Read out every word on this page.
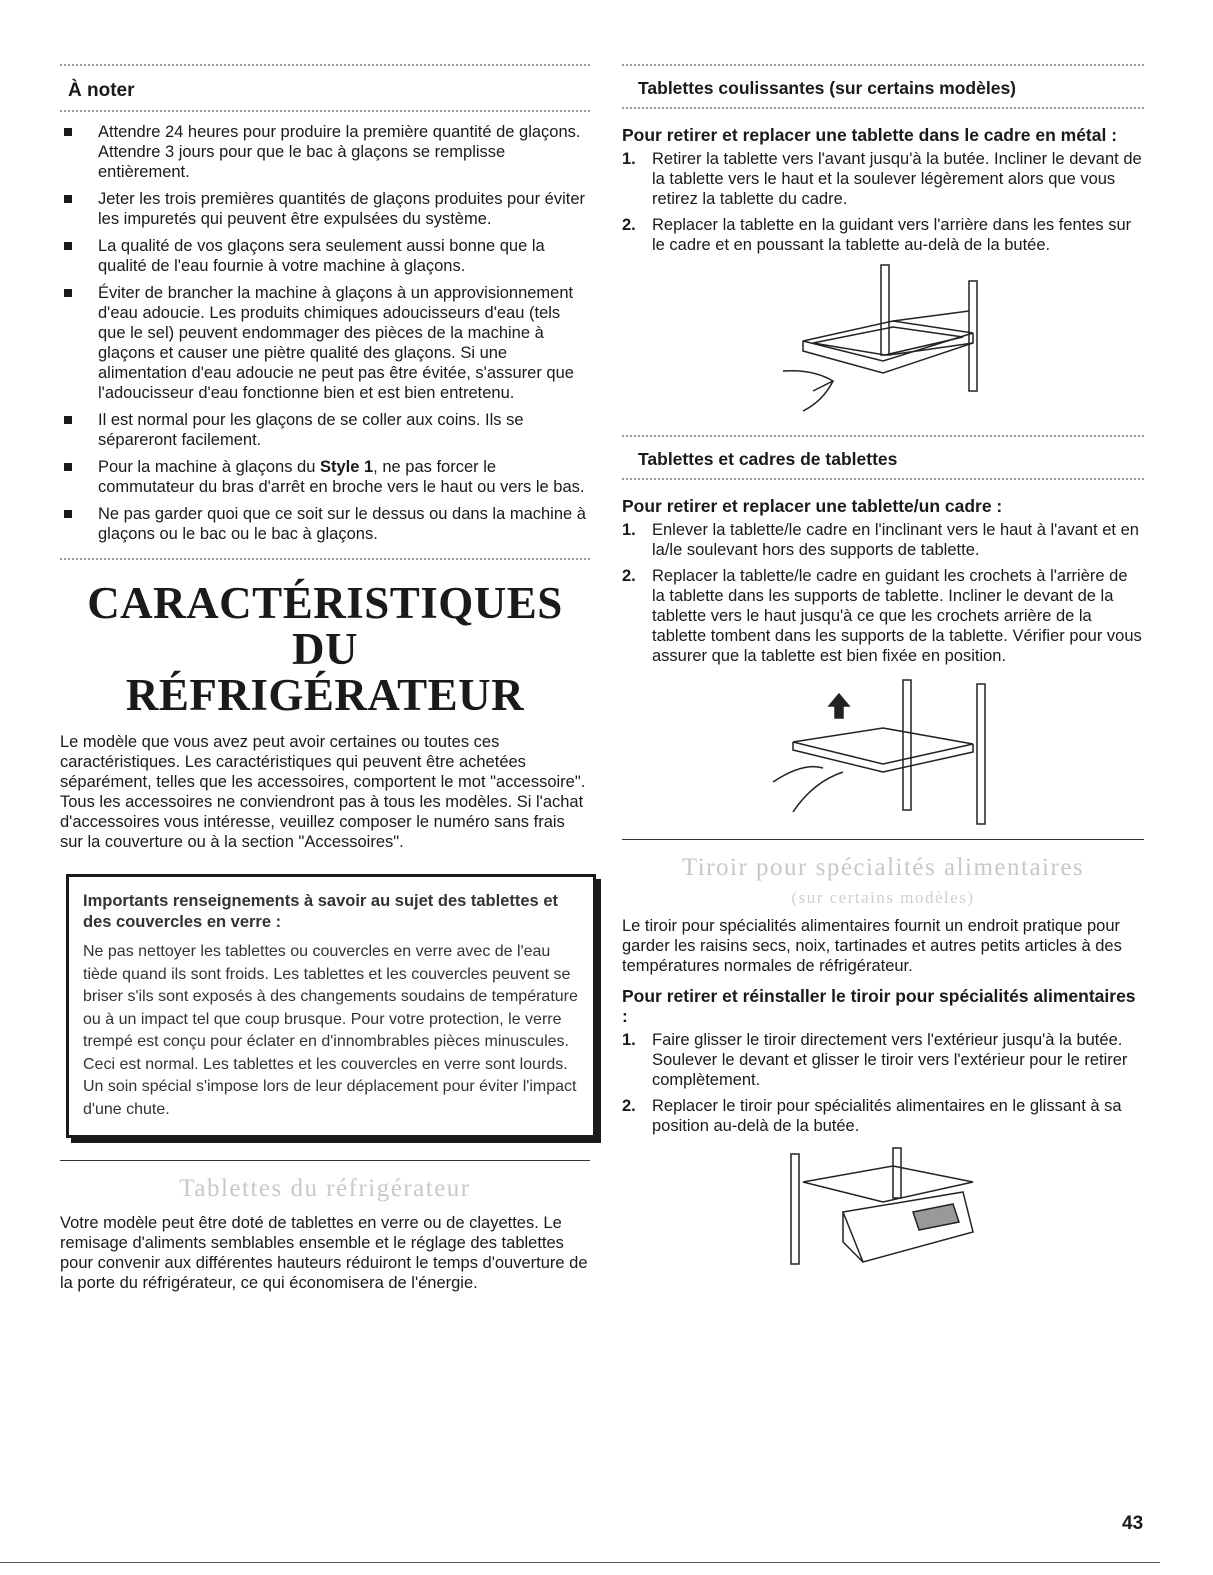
À noter
Attendre 24 heures pour produire la première quantité de glaçons. Attendre 3 jours pour que le bac à glaçons se remplisse entièrement.
Jeter les trois premières quantités de glaçons produites pour éviter les impuretés qui peuvent être expulsées du système.
La qualité de vos glaçons sera seulement aussi bonne que la qualité de l'eau fournie à votre machine à glaçons.
Éviter de brancher la machine à glaçons à un approvisionnement d'eau adoucie. Les produits chimiques adoucisseurs d'eau (tels que le sel) peuvent endommager des pièces de la machine à glaçons et causer une piètre qualité des glaçons. Si une alimentation d'eau adoucie ne peut pas être évitée, s'assurer que l'adoucisseur d'eau fonctionne bien et est bien entretenu.
Il est normal pour les glaçons de se coller aux coins. Ils se sépareront facilement.
Pour la machine à glaçons du Style 1, ne pas forcer le commutateur du bras d'arrêt en broche vers le haut ou vers le bas.
Ne pas garder quoi que ce soit sur le dessus ou dans la machine à glaçons ou le bac ou le bac à glaçons.
CARACTÉRISTIQUES DU
RÉFRIGÉRATEUR

Le modèle que vous avez peut avoir certaines ou toutes ces caractéristiques. Les caractéristiques qui peuvent être achetées séparément, telles que les accessoires, comportent le mot "accessoire". Tous les accessoires ne conviendront pas à tous les modèles. Si l'achat d'accessoires vous intéresse, veuillez composer le numéro sans frais sur la couverture ou à la section "Accessoires".

Importants renseignements à savoir au sujet des tablettes et des couvercles en verre :

Ne pas nettoyer les tablettes ou couvercles en verre avec de l'eau tiède quand ils sont froids. Les tablettes et les couvercles peuvent se briser s'ils sont exposés à des changements soudains de température ou à un impact tel que coup brusque. Pour votre protection, le verre trempé est conçu pour éclater en d'innombrables pièces minuscules. Ceci est normal. Les tablettes et les couvercles en verre sont lourds. Un soin spécial s'impose lors de leur déplacement pour éviter l'impact d'une chute.

Tablettes du réfrigérateur

Votre modèle peut être doté de tablettes en verre ou de clayettes. Le remisage d'aliments semblables ensemble et le réglage des tablettes pour convenir aux différentes hauteurs réduiront le temps d'ouverture de la porte du réfrigérateur, ce qui économisera de l'énergie.

Tablettes coulissantes (sur certains modèles)
Pour retirer et replacer une tablette dans le cadre en métal :
1. Retirer la tablette vers l'avant jusqu'à la butée. Incliner le devant de la tablette vers le haut et la soulever légèrement alors que vous retirez la tablette du cadre.
2. Replacer la tablette en la guidant vers l'arrière dans les fentes sur le cadre et en poussant la tablette au-delà de la butée.
Tablettes et cadres de tablettes
Pour retirer et replacer une tablette/un cadre :
1. Enlever la tablette/le cadre en l'inclinant vers le haut à l'avant et en la/le soulevant hors des supports de tablette.
2. Replacer la tablette/le cadre en guidant les crochets à l'arrière de la tablette dans les supports de tablette. Incliner le devant de la tablette vers le haut jusqu'à ce que les crochets arrière de la tablette tombent dans les supports de la tablette. Vérifier pour vous assurer que la tablette est bien fixée en position.
Tiroir pour spécialités alimentaires
(sur certains modèles)

Le tiroir pour spécialités alimentaires fournit un endroit pratique pour garder les raisins secs, noix, tartinades et autres petits articles à des températures normales de réfrigérateur.

Pour retirer et réinstaller le tiroir pour spécialités alimentaires :
1. Faire glisser le tiroir directement vers l'extérieur jusqu'à la butée. Soulever le devant et glisser le tiroir vers l'extérieur pour le retirer complètement.
2. Replacer le tiroir pour spécialités alimentaires en le glissant à sa position au-delà de la butée.
43
